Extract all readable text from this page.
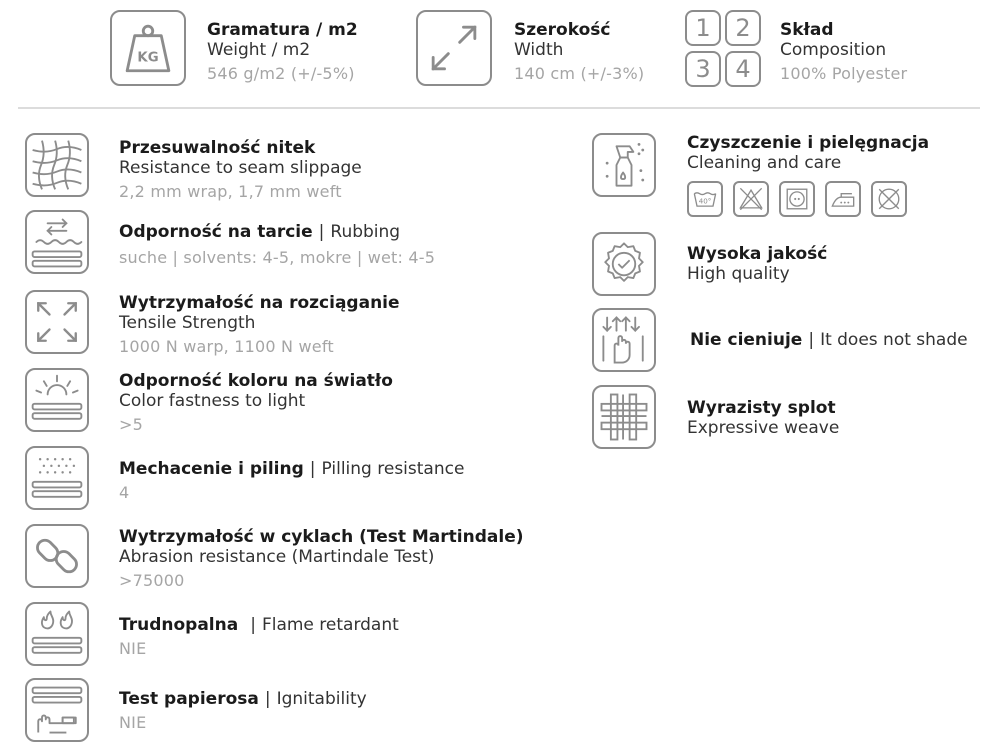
KG
Gramatura / m2
Weight / m2
546 g/m2 (+/-5%)
Szerokość
Width
140 cm (+/-3%)
1	2
3	4
Skład
Composition
100% Polyester
Przesuwalność nitek
Resistance to seam slippage
2,2 mm wrap, 1,7 mm weft
Odporność na tarcie | Rubbing
suche | solvents: 4-5, mokre | wet: 4-5
Wytrzymałość na rozciąganie
Tensile Strength
1000 N warp, 1100 N weft
Odporność koloru na światło
Color fastness to light
>5
Mechacenie i piling | Pilling resistance
4
Wytrzymałość w cyklach (Test Martindale)
Abrasion resistance (Martindale Test)
>75000
Trudnopalna | Flame retardant
NIE
Test papierosa | Ignitability
NIE
Czyszczenie i pielęgnacja
Cleaning and care
40°
Wysoka jakość
High quality
Nie cieniuje | It does not shade
Wyrazisty splot
Expressive weave
